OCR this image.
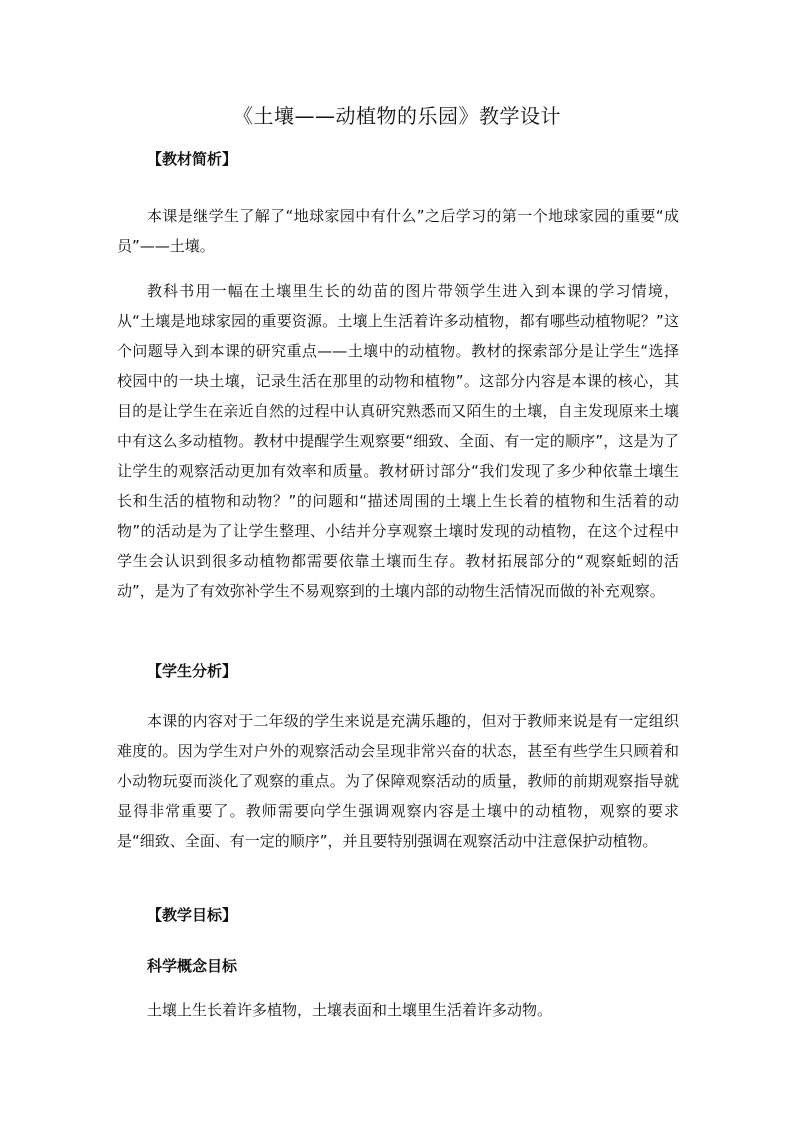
《土壤——动植物的乐园》教学设计
【教材简析】

本课是继学生了解了“地球家园中有什么”之后学习的第一个地球家园的重要“成员”——土壤。

教科书用一幅在土壤里生长的幼苗的图片带领学生进入到本课的学习情境，从“土壤是地球家园的重要资源。土壤上生活着许多动植物，都有哪些动植物呢？”这个问题导入到本课的研究重点——土壤中的动植物。教材的探索部分是让学生“选择校园中的一块土壤，记录生活在那里的动物和植物”。这部分内容是本课的核心，其目的是让学生在亲近自然的过程中认真研究熟悉而又陌生的土壤，自主发现原来土壤中有这么多动植物。教材中提醒学生观察要“细致、全面、有一定的顺序”，这是为了让学生的观察活动更加有效率和质量。教材研讨部分“我们发现了多少种依靠土壤生长和生活的植物和动物？”的问题和“描述周围的土壤上生长着的植物和生活着的动物”的活动是为了让学生整理、小结并分享观察土壤时发现的动植物，在这个过程中学生会认识到很多动植物都需要依靠土壤而生存。教材拓展部分的“观察蚯蚓的活动”，是为了有效弥补学生不易观察到的土壤内部的动物生活情况而做的补充观察。

【学生分析】

本课的内容对于二年级的学生来说是充满乐趣的，但对于教师来说是有一定组织难度的。因为学生对户外的观察活动会呈现非常兴奋的状态，甚至有些学生只顾着和小动物玩耍而淡化了观察的重点。为了保障观察活动的质量，教师的前期观察指导就显得非常重要了。教师需要向学生强调观察内容是土壤中的动植物，观察的要求是“细致、全面、有一定的顺序”，并且要特别强调在观察活动中注意保护动植物。

【教学目标】
科学概念目标

土壤上生长着许多植物，土壤表面和土壤里生活着许多动物。
